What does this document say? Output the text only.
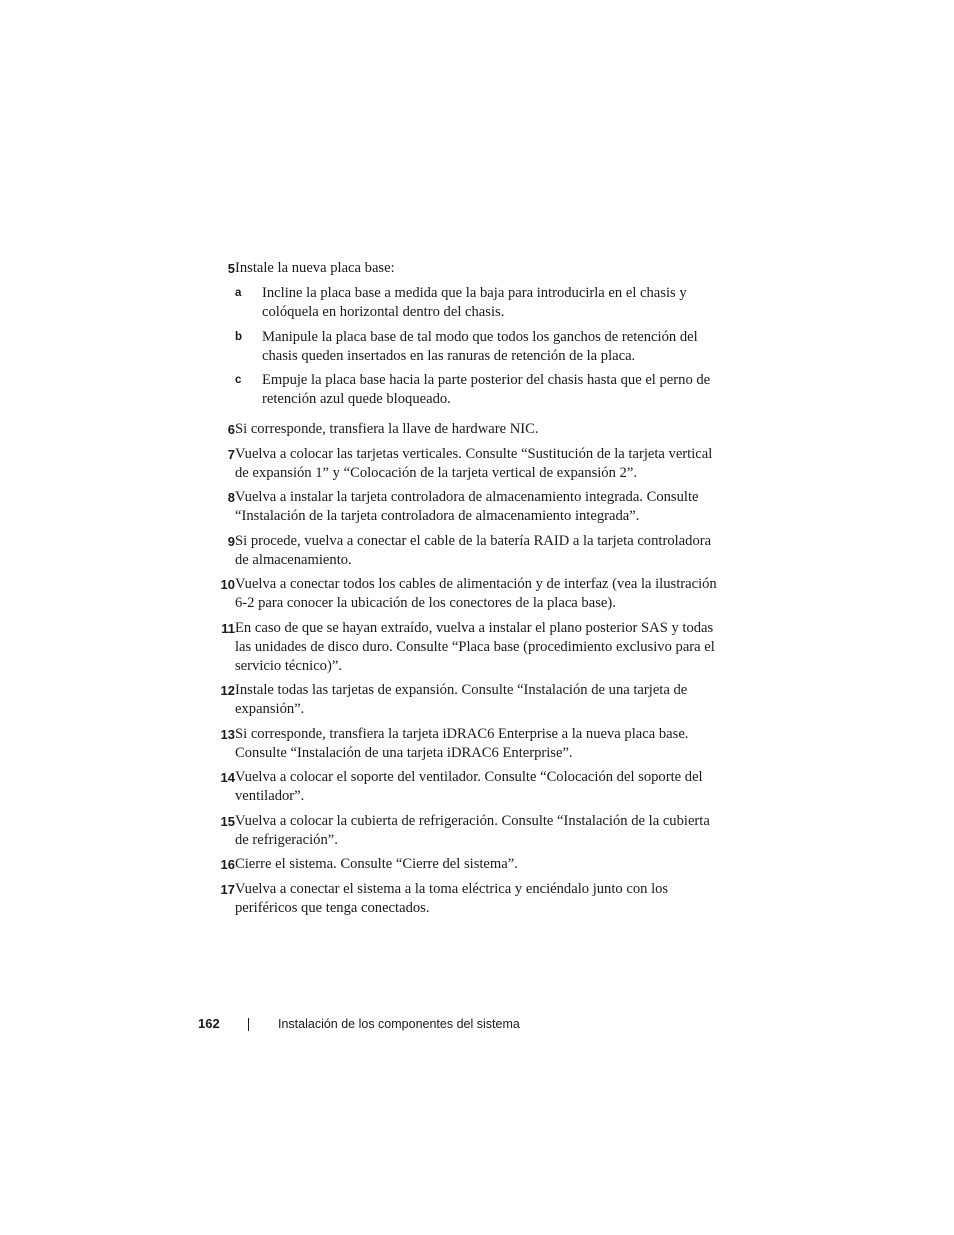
5 Instale la nueva placa base:
a	Incline la placa base a medida que la baja para introducirla en el chasis y colóquela en horizontal dentro del chasis.
b	Manipule la placa base de tal modo que todos los ganchos de retención del chasis queden insertados en las ranuras de retención de la placa.
c	Empuje la placa base hacia la parte posterior del chasis hasta que el perno de retención azul quede bloqueado.
6 Si corresponde, transfiera la llave de hardware NIC.
7 Vuelva a colocar las tarjetas verticales. Consulte “Sustitución de la tarjeta vertical de expansión 1” y “Colocación de la tarjeta vertical de expansión 2”.
8 Vuelva a instalar la tarjeta controladora de almacenamiento integrada. Consulte “Instalación de la tarjeta controladora de almacenamiento integrada”.
9 Si procede, vuelva a conectar el cable de la batería RAID a la tarjeta controladora de almacenamiento.
10 Vuelva a conectar todos los cables de alimentación y de interfaz (vea la ilustración 6-2 para conocer la ubicación de los conectores de la placa base).
11 En caso de que se hayan extraído, vuelva a instalar el plano posterior SAS y todas las unidades de disco duro. Consulte “Placa base (procedimiento exclusivo para el servicio técnico)”.
12 Instale todas las tarjetas de expansión. Consulte “Instalación de una tarjeta de expansión”.
13 Si corresponde, transfiera la tarjeta iDRAC6 Enterprise a la nueva placa base. Consulte “Instalación de una tarjeta iDRAC6 Enterprise”.
14 Vuelva a colocar el soporte del ventilador. Consulte “Colocación del soporte del ventilador”.
15 Vuelva a colocar la cubierta de refrigeración. Consulte “Instalación de la cubierta de refrigeración”.
16 Cierre el sistema. Consulte “Cierre del sistema”.
17 Vuelva a conectar el sistema a la toma eléctrica y enciéndalo junto con los periféricos que tenga conectados.
162	Instalación de los componentes del sistema
